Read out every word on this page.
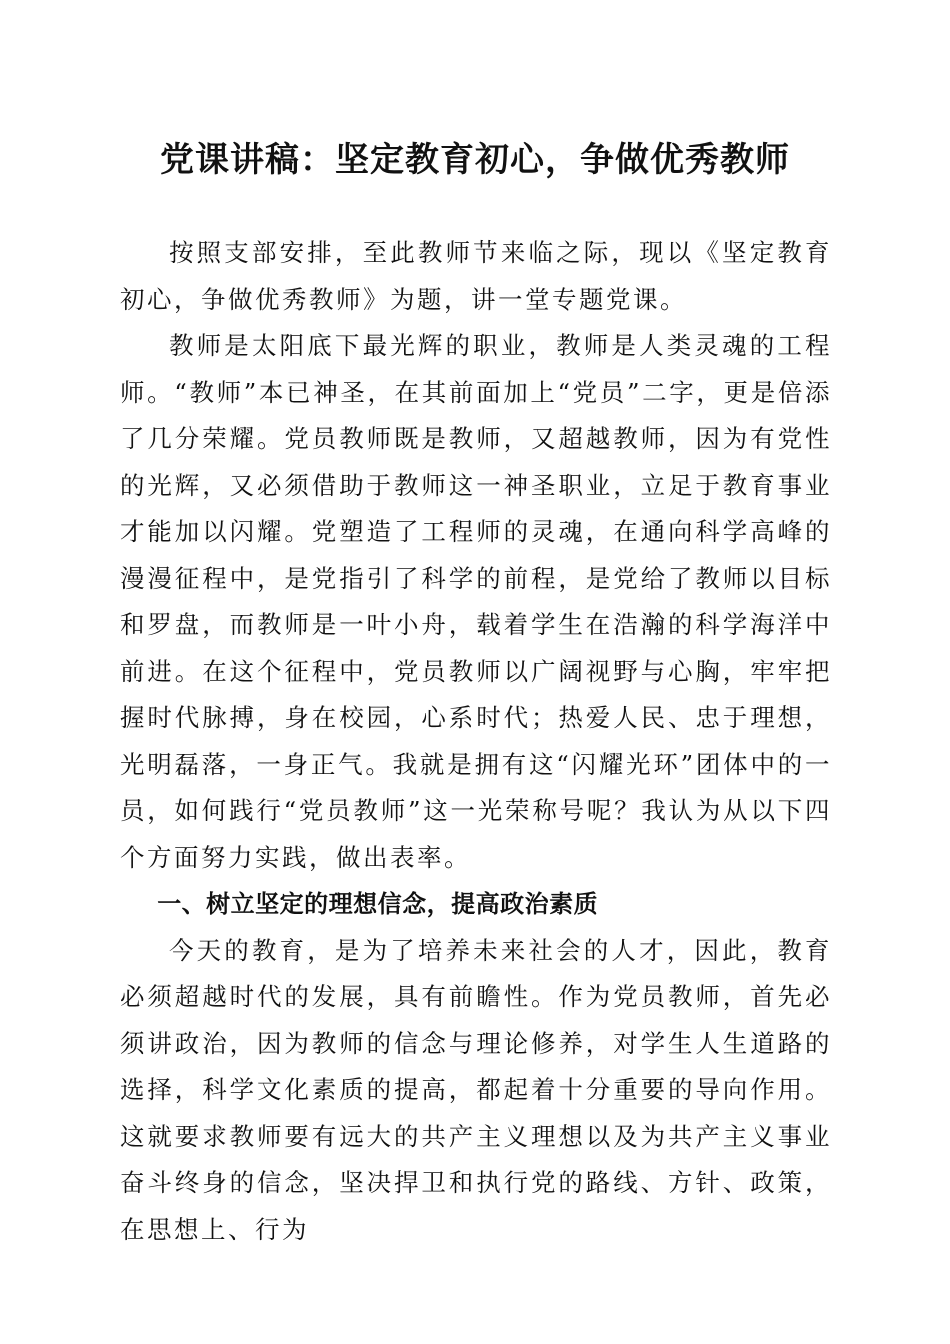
党课讲稿：坚定教育初心，争做优秀教师

按照支部安排，至此教师节来临之际，现以《坚定教育初心，争做优秀教师》为题，讲一堂专题党课。

教师是太阳底下最光辉的职业，教师是人类灵魂的工程师。“教师”本已神圣，在其前面加上“党员”二字，更是倍添了几分荣耀。党员教师既是教师，又超越教师，因为有党性的光辉，又必须借助于教师这一神圣职业，立足于教育事业才能加以闪耀。党塑造了工程师的灵魂，在通向科学高峰的漫漫征程中，是党指引了科学的前程，是党给了教师以目标和罗盘，而教师是一叶小舟，载着学生在浩瀚的科学海洋中前进。在这个征程中，党员教师以广阔视野与心胸，牢牢把握时代脉搏，身在校园，心系时代；热爱人民、忠于理想，光明磊落，一身正气。我就是拥有这“闪耀光环”团体中的一员，如何践行“党员教师”这一光荣称号呢？我认为从以下四个方面努力实践，做出表率。

一、树立坚定的理想信念，提高政治素质

今天的教育，是为了培养未来社会的人才，因此，教育必须超越时代的发展，具有前瞻性。作为党员教师，首先必须讲政治，因为教师的信念与理论修养，对学生人生道路的选择，科学文化素质的提高，都起着十分重要的导向作用。这就要求教师要有远大的共产主义理想以及为共产主义事业奋斗终身的信念，坚决捍卫和执行党的路线、方针、政策，在思想上、行为
